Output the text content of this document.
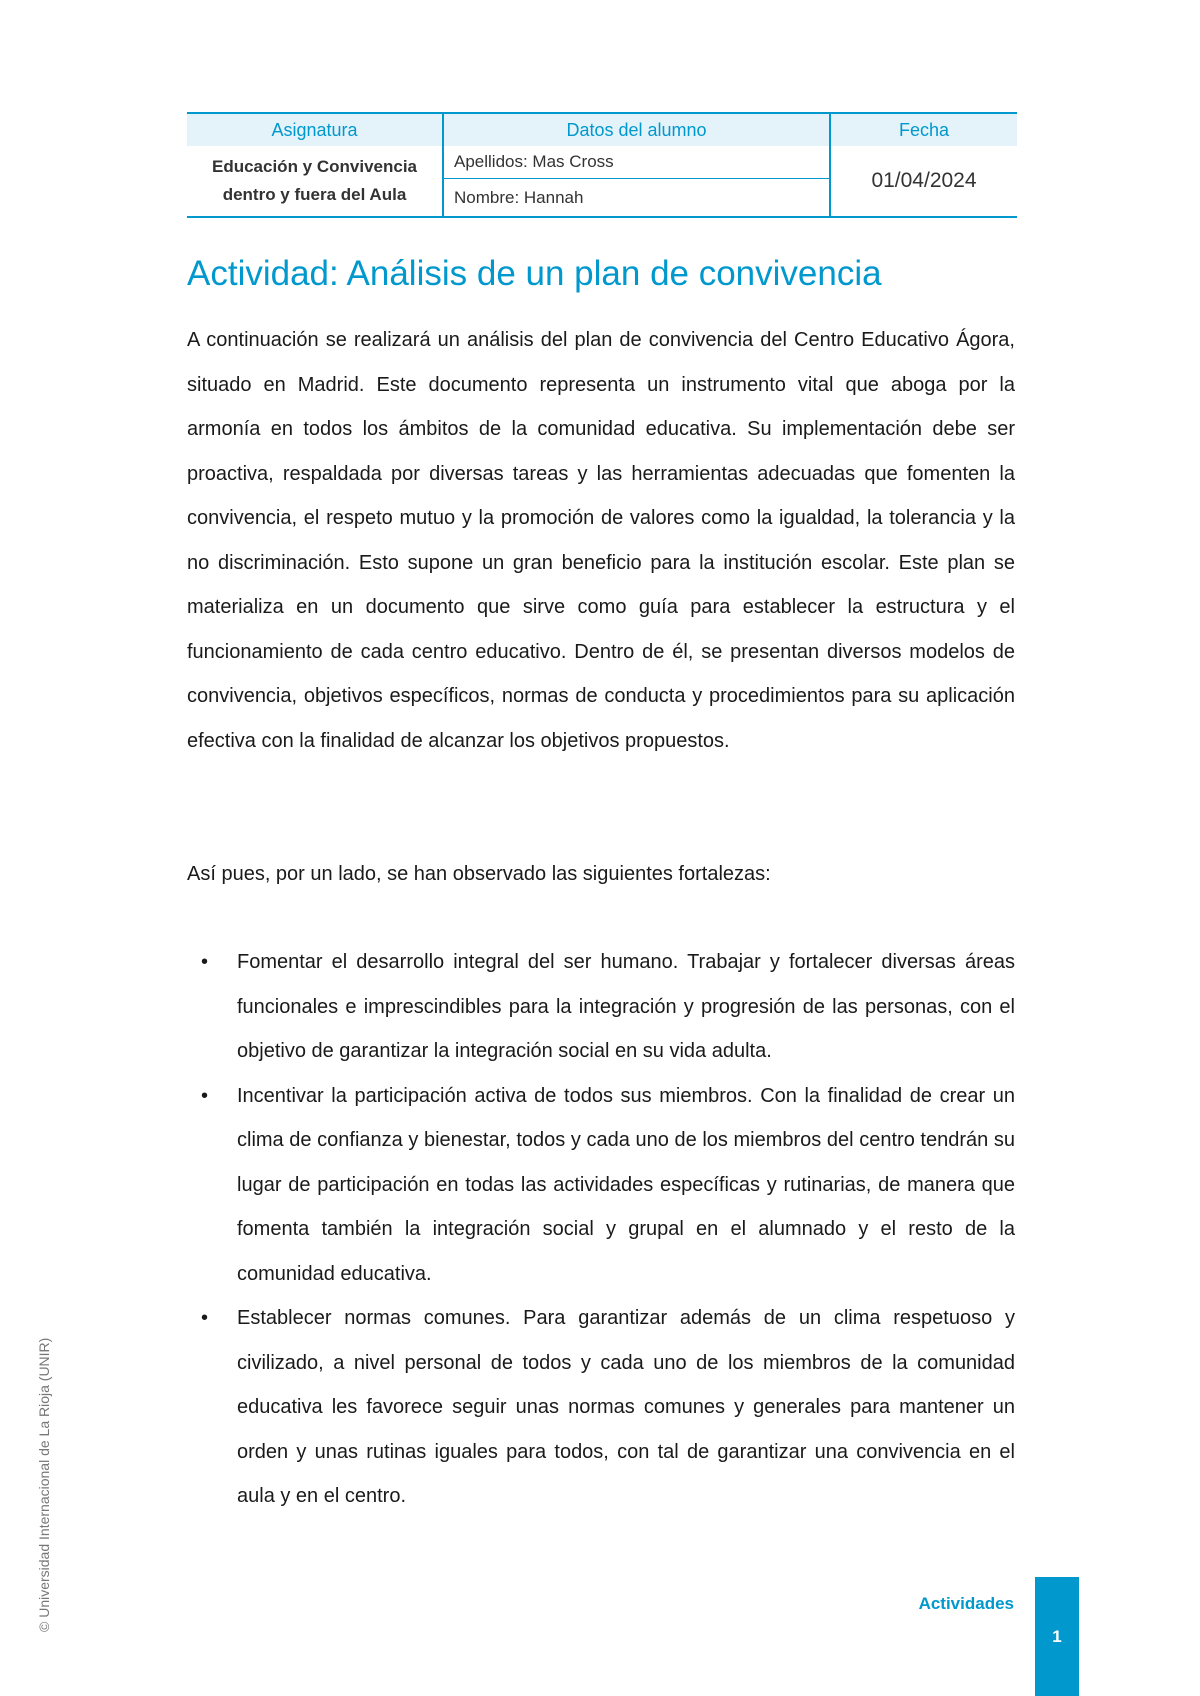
Asignatura	Datos del alumno	Fecha
Educación y Convivencia
dentro y fuera del Aula	Apellidos: Mas Cross	01/04/2024
	Nombre: Hannah	
Actividad: Análisis de un plan de convivencia

A continuación se realizará un análisis del plan de convivencia del Centro Educativo Ágora, situado en Madrid. Este documento representa un instrumento vital que aboga por la armonía en todos los ámbitos de la comunidad educativa. Su implementación debe ser proactiva, respaldada por diversas tareas y las herramientas adecuadas que fomenten la convivencia, el respeto mutuo y la promoción de valores como la igualdad, la tolerancia y la no discriminación. Esto supone un gran beneficio para la institución escolar. Este plan se materializa en un documento que sirve como guía para establecer la estructura y el funcionamiento de cada centro educativo. Dentro de él, se presentan diversos modelos de convivencia, objetivos específicos, normas de conducta y procedimientos para su aplicación efectiva con la finalidad de alcanzar los objetivos propuestos.

Así pues, por un lado, se han observado las siguientes fortalezas:

• Fomentar el desarrollo integral del ser humano. Trabajar y fortalecer diversas áreas funcionales e imprescindibles para la integración y progresión de las personas, con el objetivo de garantizar la integración social en su vida adulta.
• Incentivar la participación activa de todos sus miembros. Con la finalidad de crear un clima de confianza y bienestar, todos y cada uno de los miembros del centro tendrán su lugar de participación en todas las actividades específicas y rutinarias, de manera que fomenta también la integración social y grupal en el alumnado y el resto de la comunidad educativa.
• Establecer normas comunes. Para garantizar además de un clima respetuoso y civilizado, a nivel personal de todos y cada uno de los miembros de la comunidad educativa les favorece seguir unas normas comunes y generales para mantener un orden y unas rutinas iguales para todos, con tal de garantizar una convivencia en el aula y en el centro.
Actividades
1
© Universidad Internacional de La Rioja (UNIR)
